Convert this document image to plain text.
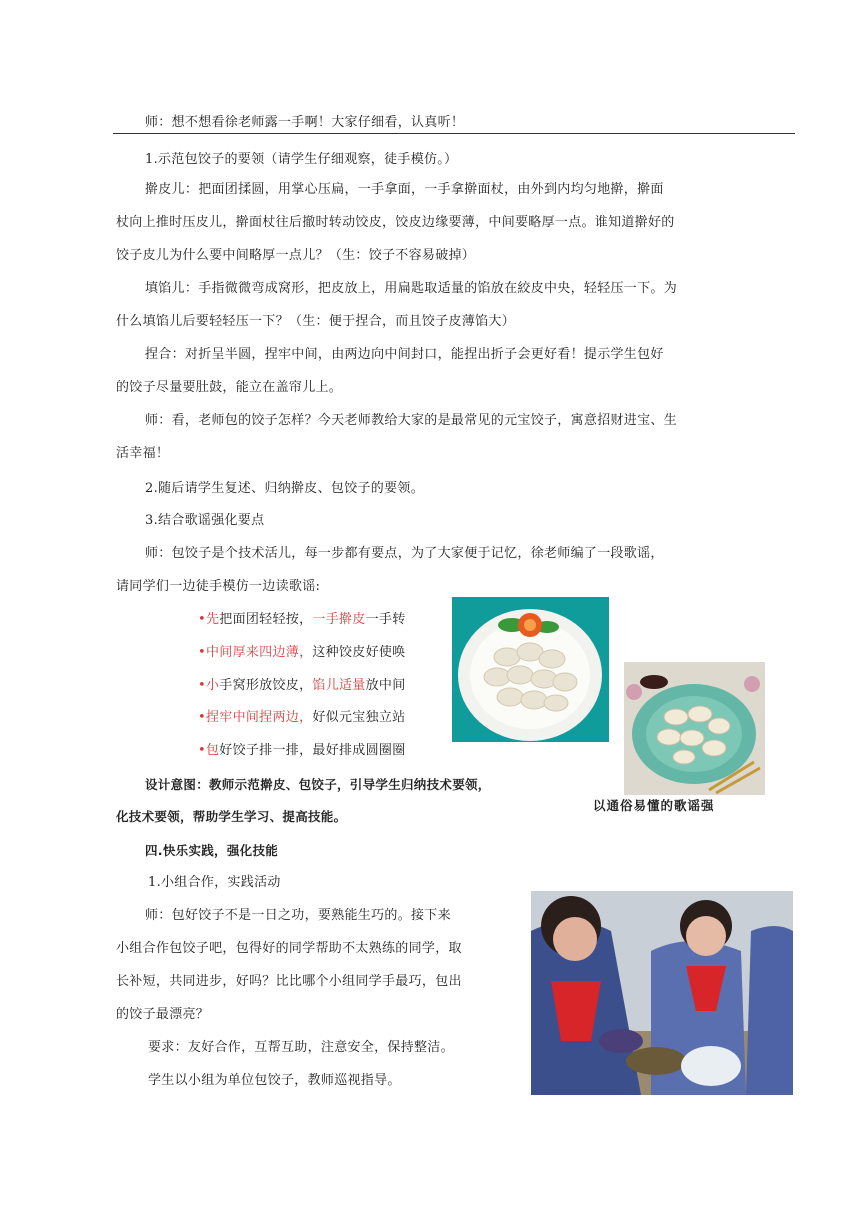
师：想不想看徐老师露一手啊！大家仔细看，认真听！
1.示范包饺子的要领（请学生仔细观察，徒手模仿。）
擀皮儿：把面团揉圆，用掌心压扁，一手拿面，一手拿擀面杖，由外到内均匀地擀，擀面
杖向上推时压皮儿，擀面杖往后撤时转动饺皮，饺皮边缘要薄，中间要略厚一点。谁知道擀好的
饺子皮儿为什么要中间略厚一点儿？（生：饺子不容易破掉）
填馅儿：手指微微弯成窝形，把皮放上，用扁匙取适量的馅放在絞皮中央，轻轻压一下。为
什么填馅儿后要轻轻压一下？（生：便于捏合，而且饺子皮薄馅大）
捏合：对折呈半圆，捏牢中间，由两边向中间封口，能捏出折子会更好看！提示学生包好
的饺子尽量要肚鼓，能立在盖帘儿上。
师：看，老师包的饺子怎样？今天老师教给大家的是最常见的元宝饺子，寓意招财进宝、生
活幸福！
2.随后请学生复述、归纳擀皮、包饺子的要领。
3.结合歌谣强化要点
师：包饺子是个技术活儿，每一步都有要点，为了大家便于记忆，徐老师编了一段歌谣，
请同学们一边徒手模仿一边读歌谣:
•先把面团轻轻按，一手擀皮一手转
•中间厚来四边薄，这种饺皮好使唤
•小手窝形放饺皮，馅儿适量放中间
•捏牢中间捏两边，好似元宝独立站
•包好饺子排一排，最好排成圆圈圈
以通俗易懂的歌谣强
设计意图：教师示范擀皮、包饺子，引导学生归纳技术要领，
化技术要领，帮助学生学习、提高技能。
四.快乐实践，强化技能
1.小组合作，实践活动
师：包好饺子不是一日之功，要熟能生巧的。接下来
小组合作包饺子吧，包得好的同学帮助不太熟练的同学，取
长补短，共同进步，好吗？比比哪个小组同学手最巧，包出
的饺子最漂亮？
要求：友好合作，互帮互助，注意安全，保持整洁。
学生以小组为单位包饺子，教师巡视指导。
